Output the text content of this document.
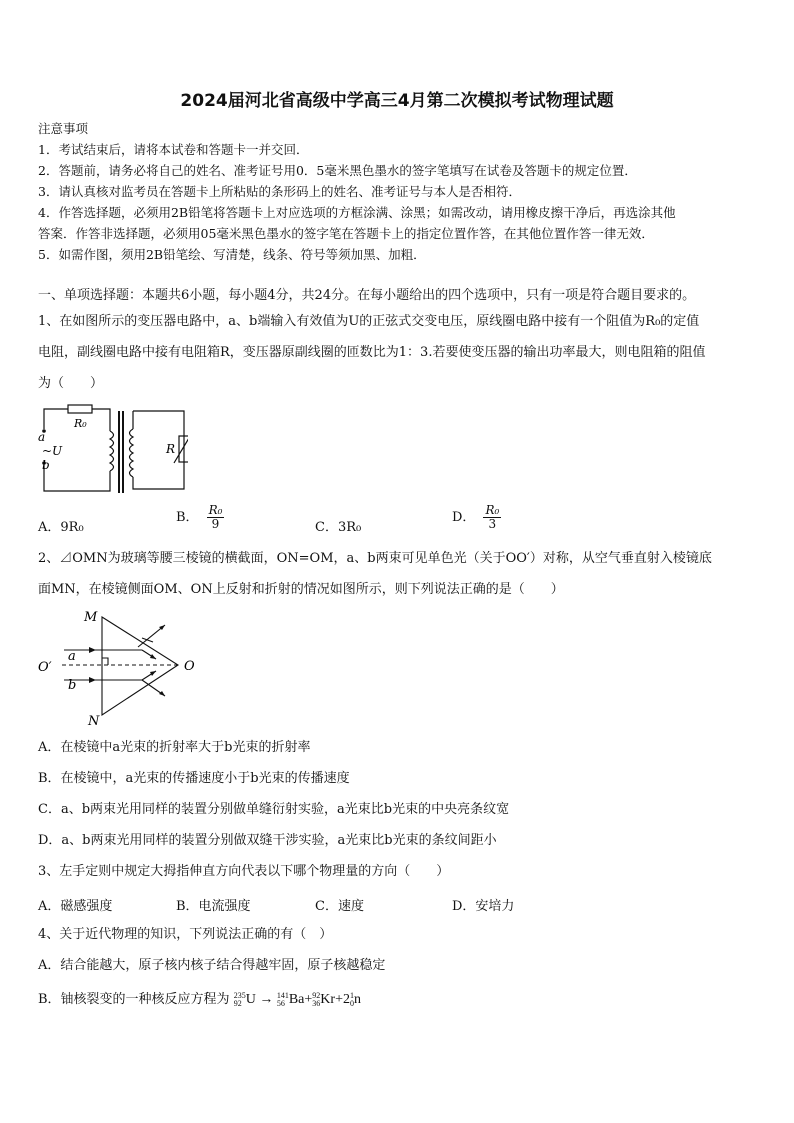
2024届河北省高级中学高三4月第二次模拟考试物理试题
注意事项
1．考试结束后，请将本试卷和答题卡一并交回．
2．答题前，请务必将自己的姓名、准考证号用0．5毫米黑色墨水的签字笔填写在试卷及答题卡的规定位置．
3．请认真核对监考员在答题卡上所粘贴的条形码上的姓名、准考证号与本人是否相符．
4．作答选择题，必须用2B铅笔将答题卡上对应选项的方框涂满、涂黑；如需改动，请用橡皮擦干净后，再选涂其他
答案．作答非选择题，必须用05毫米黑色墨水的签字笔在答题卡上的指定位置作答，在其他位置作答一律无效．
5．如需作图，须用2B铅笔绘、写清楚，线条、符号等须加黑、加粗．
一、单项选择题：本题共6小题，每小题4分，共24分。在每小题给出的四个选项中，只有一项是符合题目要求的。
1、在如图所示的变压器电路中，a、b端输入有效值为U的正弦式交变电压，原线圈电路中接有一个阻值为R₀的定值
电阻，副线圈电路中接有电阻箱R，变压器原副线圈的匝数比为1：3.若要使变压器的输出功率最大，则电阻箱的阻值
为（　　）
R₀
a
~U
b
R
A．9R₀
B． $\frac{\text{R₀}}{9}$	C．3R₀
D． $\frac{\text{R₀}}{3}$
2、⊿OMN为玻璃等腰三棱镜的横截面，ON=OM，a、b两束可见单色光（关于OO′）对称，从空气垂直射入棱镜底
面MN，在棱镜侧面OM、ON上反射和折射的情况如图所示，则下列说法正确的是（　　）
M
N
O
O′
a
b
A．在棱镜中a光束的折射率大于b光束的折射率
B．在棱镜中，a光束的传播速度小于b光束的传播速度
C．a、b两束光用同样的装置分别做单缝衍射实验，a光束比b光束的中央亮条纹宽
D．a、b两束光用同样的装置分别做双缝干涉实验，a光束比b光束的条纹间距小
3、左手定则中规定大拇指伸直方向代表以下哪个物理量的方向（　　）
A．磁感强度	B．电流强度	C．速度	D．安培力
4、关于近代物理的知识，下列说法正确的有（　）
A．结合能越大，原子核内核子结合得越牢固，原子核越稳定
B．铀核裂变的一种核反应方程为 235
92 U → 141
56 Ba+92
36Kr+21
0n
